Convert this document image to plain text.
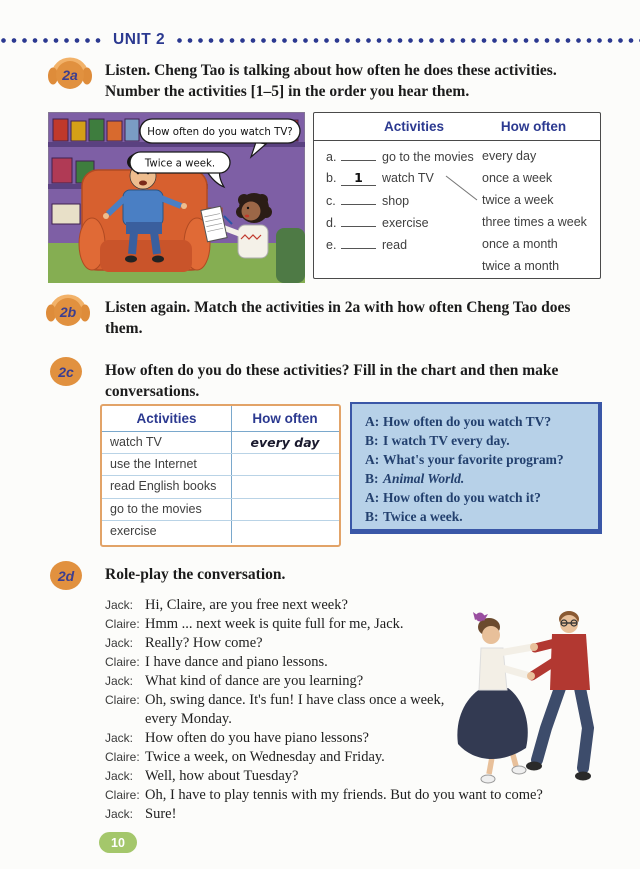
UNIT 2
2a Listen. Cheng Tao is talking about how often he does these activities.
Number the activities [1–5] in the order you hear them.
How often do you watch TV?
Twice a week.
Activities	How often
a.	go to the movies
b. 1 watch TV
c.	shop
d.	exercise
e.	read
every day
once a week
twice a week
three times a week
once a month
twice a month
2b Listen again. Match the activities in 2a with how often Cheng Tao does
them.
2c How often do you do these activities? Fill in the chart and then make
conversations.
Activities	How often
watch TV	every day
use the Internet
read English books
go to the movies
exercise
A: How often do you watch TV?
B: I watch TV every day.
A: What's your favorite program?
B: Animal World.
A: How often do you watch it?
B: Twice a week.
2d Role-play the conversation.
Jack: Hi, Claire, are you free next week?
Claire: Hmm ... next week is quite full for me, Jack.
Jack: Really? How come?
Claire: I have dance and piano lessons.
Jack: What kind of dance are you learning?
Claire: Oh, swing dance. It's fun! I have class once a week, every Monday.
Jack: How often do you have piano lessons?
Claire: Twice a week, on Wednesday and Friday.
Jack: Well, how about Tuesday?
Claire: Oh, I have to play tennis with my friends. But do you want to come?
Jack: Sure!
10
